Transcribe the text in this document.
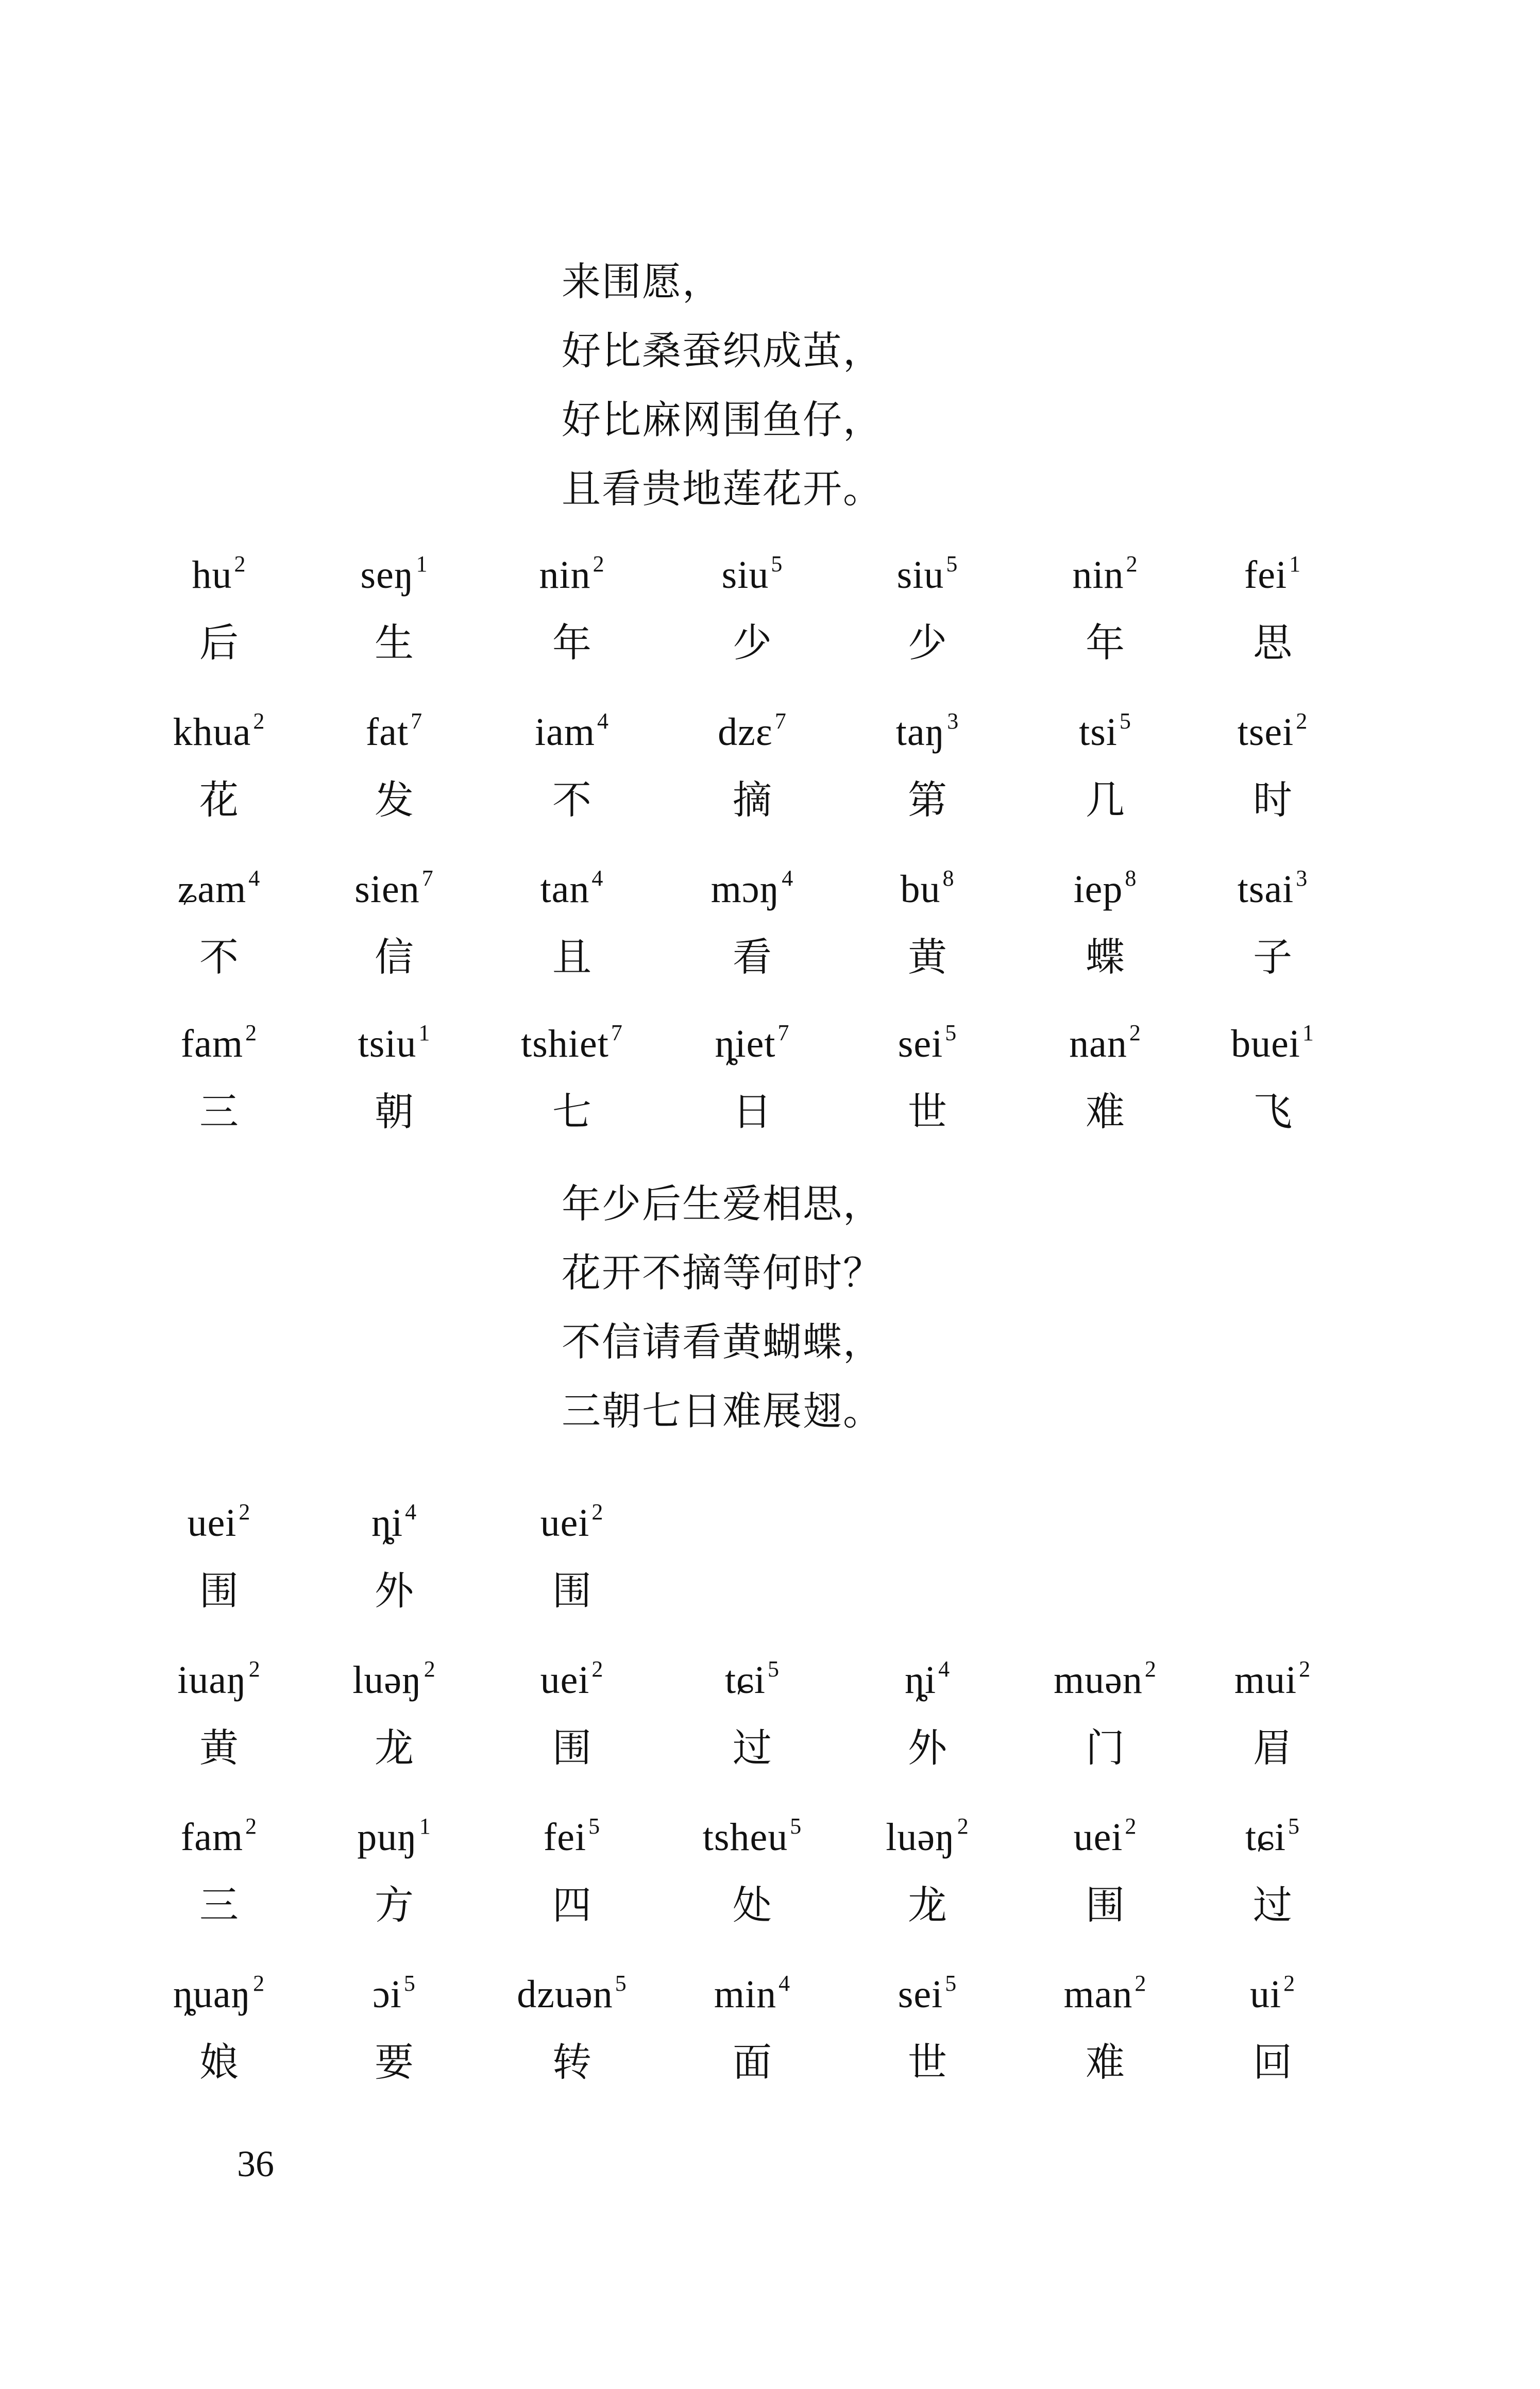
来围愿，
好比桑蚕织成茧，
好比麻网围鱼仔，
且看贵地莲花开。
$hu^2$
后
seŋ$^1$
生
nin$^2$
年
siu$^5$
少
siu$^5$
少
nin$^2$
年
fei$^1$
思
khua$^2$
花
fat$^7$
发
iam$^4$
不
dzɛ$^7$
摘
taŋ$^3$
第
tsi$^5$
几
tsei$^2$
时
ʑam$^4$
不
sien$^7$
信
$\tan^4$
且
mɔŋ$^4$
看
$bu^8$
黄
iep$^8$
蝶
tsai$^3$
子
fam$^2$
三
tsiu$^1$
朝
tshiet$^7$
七
ȵiet$^7$
日
sei$^5$
世
nan$^2$
难
buei$^1$
飞
年少后生爱相思，
花开不摘等何时？
不信请看黄蝴蝶，
三朝七日难展翅。
uei$^2$
围
$ȵi^4$
外
uei$^2$
围
iuaŋ$^2$
黄
luəŋ$^2$
龙
uei$^2$
围
tɕi$^5$
过
$ȵi^4$
外
muən$^2$
门
mui$^2$
眉
fam$^2$
三
puŋ$^1$
方
fei$^5$
四
tsheu$^5$
处
luəŋ$^2$
龙
uei$^2$
围
tɕi$^5$
过
ȵuaŋ$^2$
娘
ɔi$^5$
要
dzuən$^5$
转
$\min^4$
面
sei$^5$
世
man$^2$
难
$ui^2$
回
36
